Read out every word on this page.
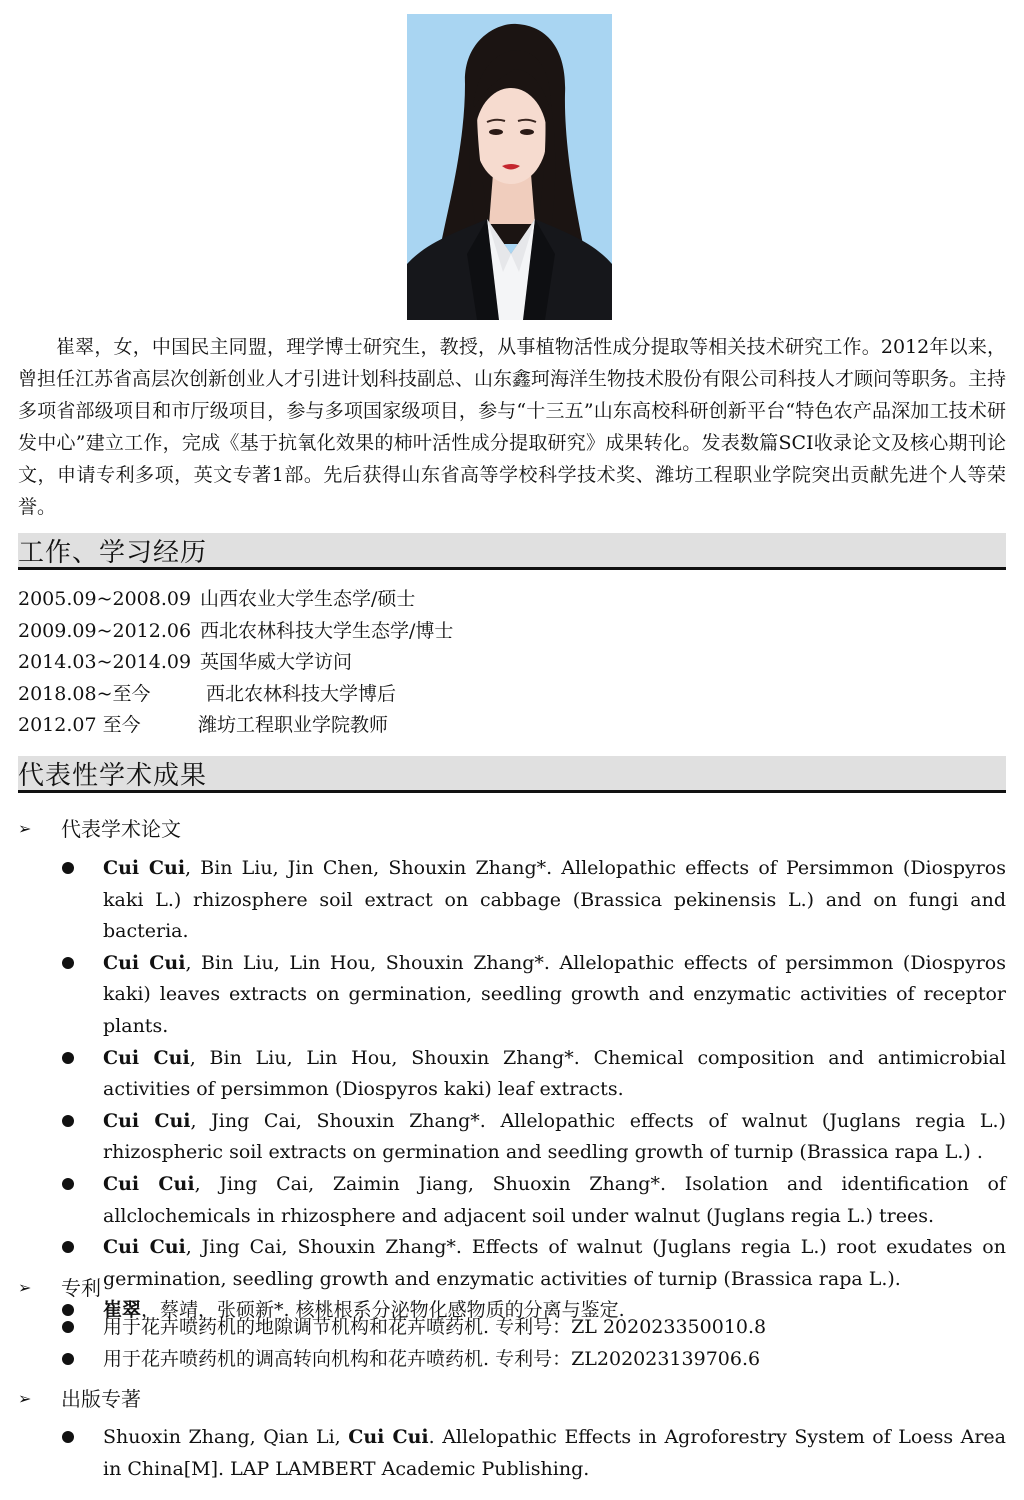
崔翠，女，中国民主同盟，理学博士研究生，教授，从事植物活性成分提取等相关技术研究工作。2012年以来，曾担任江苏省高层次创新创业人才引进计划科技副总、山东鑫珂海洋生物技术股份有限公司科技人才顾问等职务。主持多项省部级项目和市厅级项目，参与多项国家级项目，参与“十三五”山东高校科研创新平台“特色农产品深加工技术研发中心”建立工作，完成《基于抗氧化效果的柿叶活性成分提取研究》成果转化。发表数篇SCI收录论文及核心期刊论文，申请专利多项，英文专著1部。先后获得山东省高等学校科学技术奖、潍坊工程职业学院突出贡献先进个人等荣誉。

工作、学习经历
2005.09~2008.09 山西农业大学生态学/硕士
2009.09~2012.06 西北农林科技大学生态学/博士
2014.03~2014.09 英国华威大学访问
2018.08~至今	西北农林科技大学博后
2012.07 至今	潍坊工程职业学院教师
代表性学术成果
➢ 代表学术论文
Cui Cui, Bin Liu, Jin Chen, Shouxin Zhang*. Allelopathic effects of Persimmon (Diospyros kaki L.) rhizosphere soil extract on cabbage (Brassica pekinensis L.) and on fungi and bacteria.
Cui Cui, Bin Liu, Lin Hou, Shouxin Zhang*. Allelopathic effects of persimmon (Diospyros kaki) leaves extracts on germination, seedling growth and enzymatic activities of receptor plants.
Cui Cui, Bin Liu, Lin Hou, Shouxin Zhang*. Chemical composition and antimicrobial activities of persimmon (Diospyros kaki) leaf extracts.
Cui Cui, Jing Cai, Shouxin Zhang*. Allelopathic effects of walnut (Juglans regia L.) rhizospheric soil extracts on germination and seedling growth of turnip (Brassica rapa L.) .
Cui Cui, Jing Cai, Zaimin Jiang, Shuoxin Zhang*. Isolation and identification of allclochemicals in rhizosphere and adjacent soil under walnut (Juglans regia L.) trees.
Cui Cui, Jing Cai, Shouxin Zhang*. Effects of walnut (Juglans regia L.) root exudates on germination, seedling growth and enzymatic activities of turnip (Brassica rapa L.).
崔翠，蔡靖，张硕新*. 核桃根系分泌物化感物质的分离与鉴定.
➢ 专利
用于花卉喷药机的地隙调节机构和花卉喷药机. 专利号：ZL 202023350010.8
用于花卉喷药机的调高转向机构和花卉喷药机. 专利号：ZL202023139706.6
➢ 出版专著
Shuoxin Zhang, Qian Li, Cui Cui. Allelopathic Effects in Agroforestry System of Loess Area in China[M]. LAP LAMBERT Academic Publishing.
